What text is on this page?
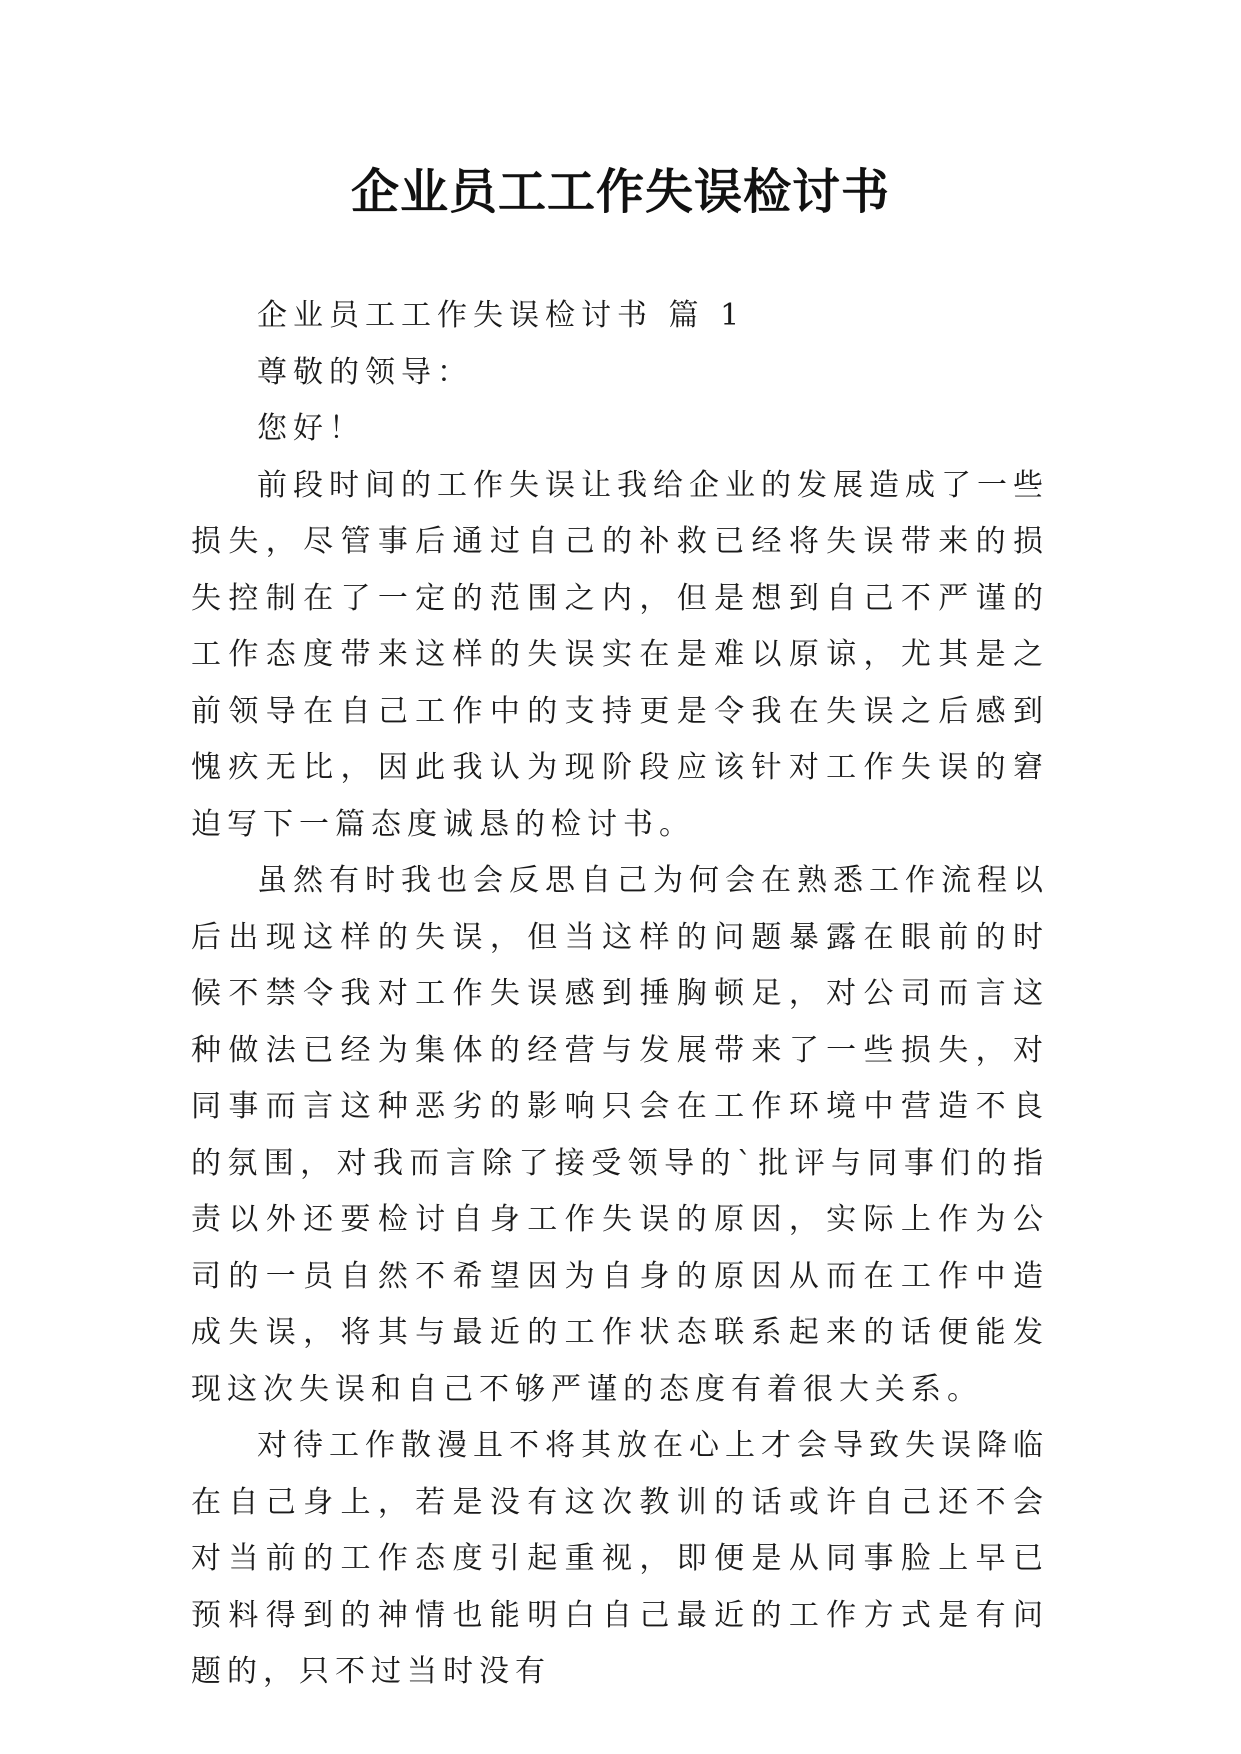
企业员工工作失误检讨书

企业员工工作失误检讨书 篇 1

尊敬的领导：

您好！

前段时间的工作失误让我给企业的发展造成了一些损失，尽管事后通过自己的补救已经将失误带来的损失控制在了一定的范围之内，但是想到自己不严谨的工作态度带来这样的失误实在是难以原谅，尤其是之前领导在自己工作中的支持更是令我在失误之后感到愧疚无比，因此我认为现阶段应该针对工作失误的窘迫写下一篇态度诚恳的检讨书。

虽然有时我也会反思自己为何会在熟悉工作流程以后出现这样的失误，但当这样的问题暴露在眼前的时候不禁令我对工作失误感到捶胸顿足，对公司而言这种做法已经为集体的经营与发展带来了一些损失，对同事而言这种恶劣的影响只会在工作环境中营造不良的氛围，对我而言除了接受领导的`批评与同事们的指责以外还要检讨自身工作失误的原因，实际上作为公司的一员自然不希望因为自身的原因从而在工作中造成失误，将其与最近的工作状态联系起来的话便能发现这次失误和自己不够严谨的态度有着很大关系。

对待工作散漫且不将其放在心上才会导致失误降临在自己身上，若是没有这次教训的话或许自己还不会对当前的工作态度引起重视，即便是从同事脸上早已预料得到的神情也能明白自己最近的工作方式是有问题的，只不过当时没有
